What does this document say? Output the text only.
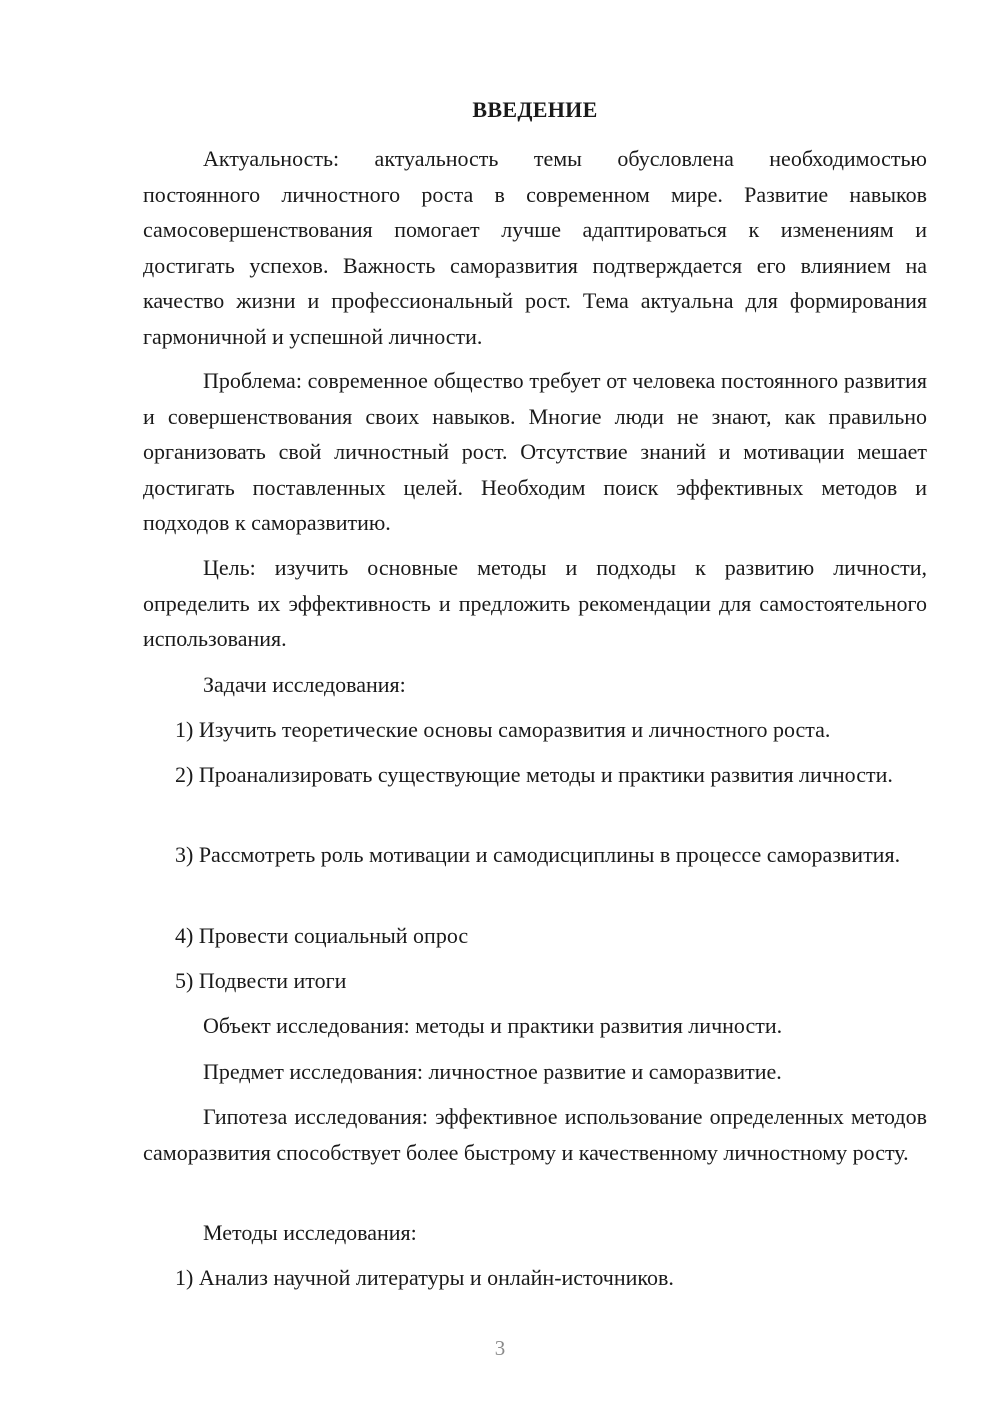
ВВЕДЕНИЕ

Актуальность: актуальность темы обусловлена необходимостью постоянного личностного роста в современном мире. Развитие навыков самосовершенствования помогает лучше адаптироваться к изменениям и достигать успехов. Важность саморазвития подтверждается его влиянием на качество жизни и профессиональный рост. Тема актуальна для формирования гармоничной и успешной личности.

Проблема: современное общество требует от человека постоянного развития и совершенствования своих навыков. Многие люди не знают, как правильно организовать свой личностный рост. Отсутствие знаний и мотивации мешает достигать поставленных целей. Необходим поиск эффективных методов и подходов к саморазвитию.

Цель: изучить основные методы и подходы к развитию личности, определить их эффективность и предложить рекомендации для самостоятельного использования.

Задачи исследования:

1) Изучить теоретические основы саморазвития и личностного роста.

2) Проанализировать существующие методы и практики развития личности.

3) Рассмотреть роль мотивации и самодисциплины в процессе саморазвития.

4) Провести социальный опрос

5) Подвести итоги

Объект исследования: методы и практики развития личности.

Предмет исследования: личностное развитие и саморазвитие.

Гипотеза исследования: эффективное использование определенных методов саморазвития способствует более быстрому и качественному личностному росту.

Методы исследования:

1) Анализ научной литературы и онлайн-источников.

3
